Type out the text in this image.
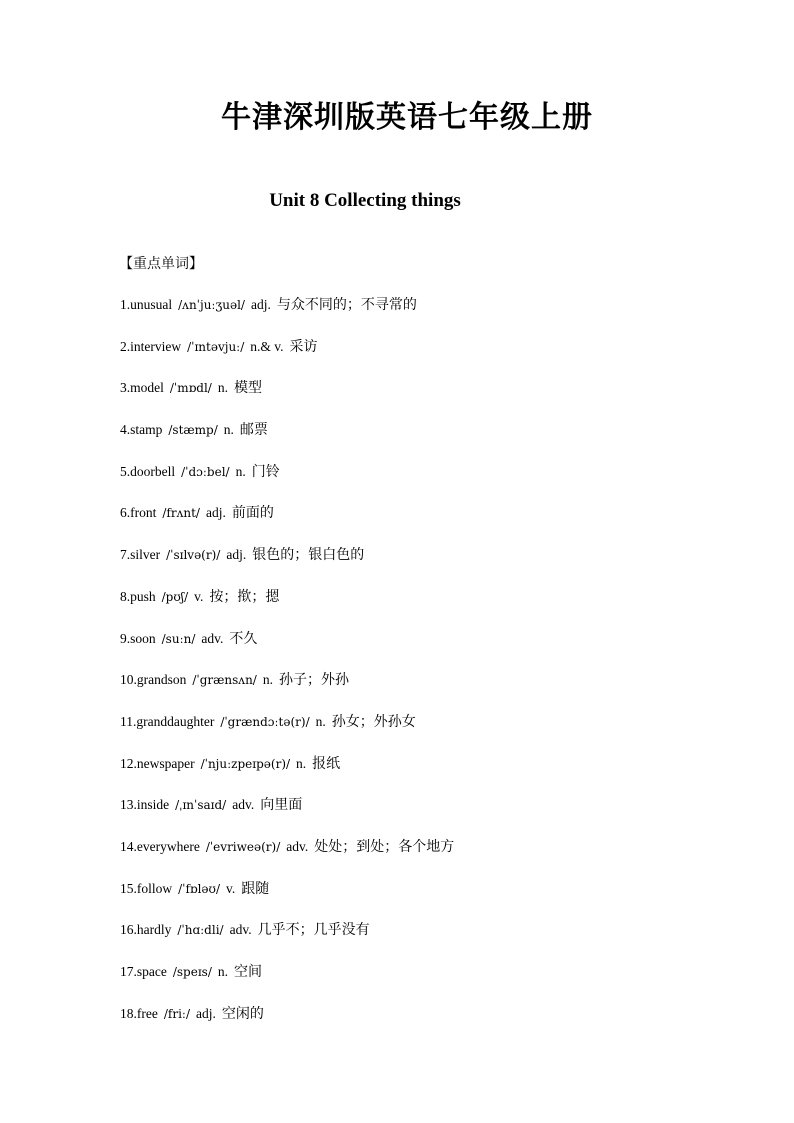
牛津深圳版英语七年级上册
Unit 8 Collecting things
【重点单词】
1.unusual /ʌnˈjuːʒuəl/ adj. 与众不同的；不寻常的
2.interview /ˈɪntəvjuː/ n.& v. 采访
3.model /ˈmɒdl/ n. 模型
4.stamp /stæmp/ n. 邮票
5.doorbell /ˈdɔːbel/ n. 门铃
6.front /frʌnt/ adj. 前面的
7.silver /ˈsɪlvə(r)/ adj. 银色的；银白色的
8.push /pʊʃ/ v. 按；揿；摁
9.soon /suːn/ adv. 不久
10.grandson /ˈgrænsʌn/ n. 孙子；外孙
11.granddaughter /ˈgrændɔːtə(r)/ n. 孙女；外孙女
12.newspaper /ˈnjuːzpeɪpə(r)/ n. 报纸
13.inside /ˌɪnˈsaɪd/ adv. 向里面
14.everywhere /ˈevriweə(r)/ adv. 处处；到处；各个地方
15.follow /ˈfɒləʊ/ v. 跟随
16.hardly /ˈhɑːdli/ adv. 几乎不；几乎没有
17.space /speɪs/ n. 空间
18.free /friː/ adj. 空闲的
